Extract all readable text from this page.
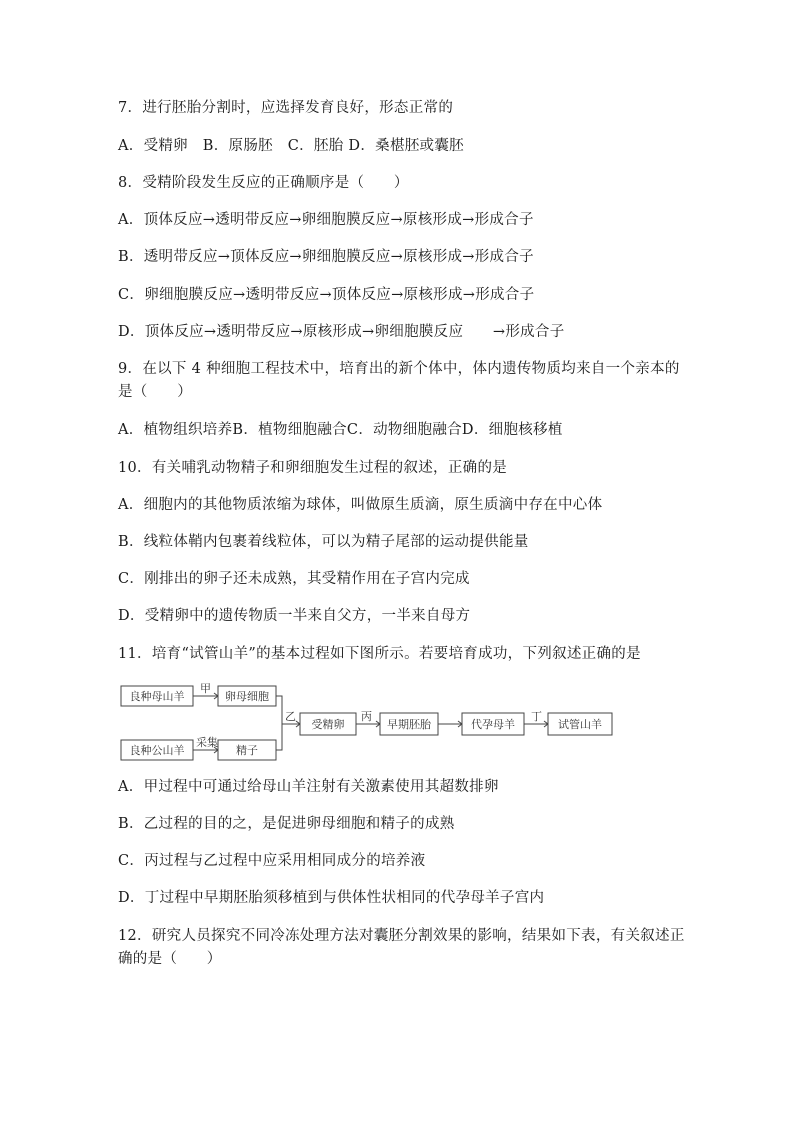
7．进行胚胎分割时，应选择发育良好，形态正常的
A．受精卵　B．原肠胚　C．胚胎 D．桑椹胚或囊胚
8．受精阶段发生反应的正确顺序是（　　）
A．顶体反应→透明带反应→卵细胞膜反应→原核形成→形成合子
B．透明带反应→顶体反应→卵细胞膜反应→原核形成→形成合子
C．卵细胞膜反应→透明带反应→顶体反应→原核形成→形成合子
D．顶体反应→透明带反应→原核形成→卵细胞膜反应　　→形成合子
9．在以下 4 种细胞工程技术中，培育出的新个体中，体内遗传物质均来自一个亲本的
是（　　）
A．植物组织培养B．植物细胞融合C．动物细胞融合D．细胞核移植
10．有关哺乳动物精子和卵细胞发生过程的叙述，正确的是
A．细胞内的其他物质浓缩为球体，叫做原生质滴，原生质滴中存在中心体
B．线粒体鞘内包裹着线粒体，可以为精子尾部的运动提供能量
C．刚排出的卵子还未成熟，其受精作用在子宫内完成
D．受精卵中的遗传物质一半来自父方，一半来自母方
11．培育“试管山羊”的基本过程如下图所示。若要培育成功，下列叙述正确的是
良种母山羊
甲
卵母细胞
良种公山羊
采集
精子
乙
受精卵
丙
早期胚胎	代孕母羊
丁
试管山羊
A．甲过程中可通过给母山羊注射有关激素使用其超数排卵
B．乙过程的目的之，是促进卵母细胞和精子的成熟
C．丙过程与乙过程中应采用相同成分的培养液
D．丁过程中早期胚胎须移植到与供体性状相同的代孕母羊子宫内
12．研究人员探究不同冷冻处理方法对囊胚分割效果的影响，结果如下表，有关叙述正
确的是（　　）
